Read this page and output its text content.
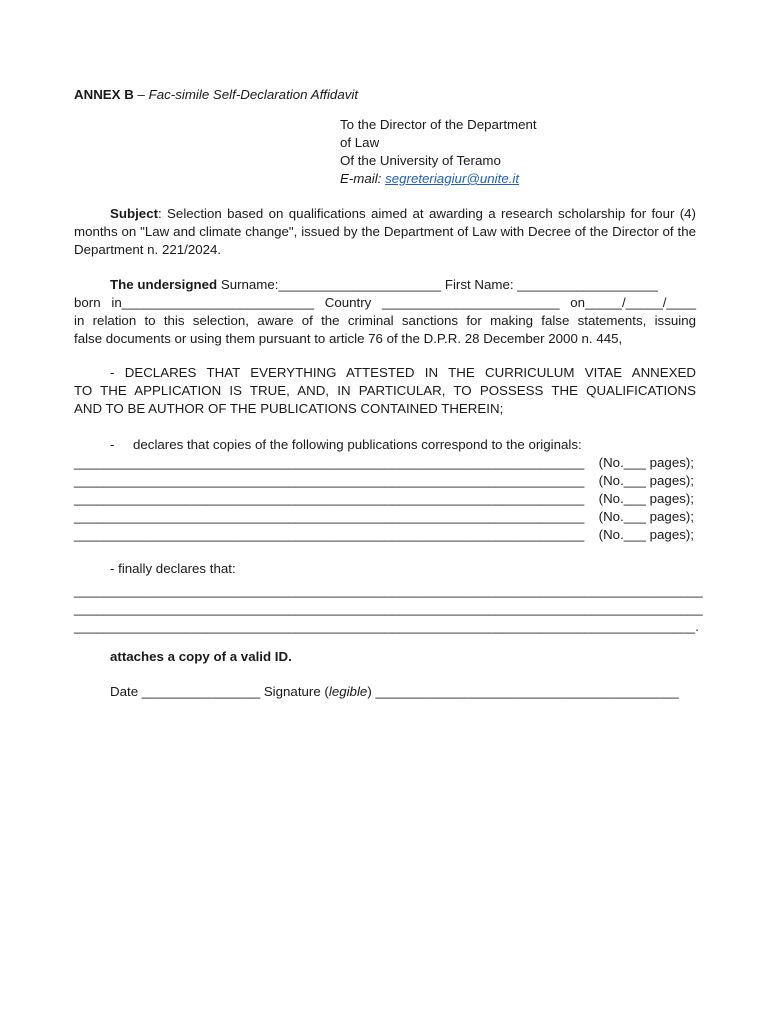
ANNEX B – Fac-simile Self-Declaration Affidavit
To the Director of the Department
of Law
Of the University of Teramo
E-mail: segreteriagiur@unite.it
Subject: Selection based on qualifications aimed at awarding a research scholarship for four (4) months on "Law and climate change", issued by the Department of Law with Decree of the Director of the Department n. 221/2024.
The undersigned Surname:______________________ First Name: ___________________
born in__________________________ Country ________________________ on_____/_____/____
in relation to this selection, aware of the criminal sanctions for making false statements, issuing
false documents or using them pursuant to article 76 of the D.P.R. 28 December 2000 n. 445,
- DECLARES THAT EVERYTHING ATTESTED IN THE CURRICULUM VITAE ANNEXED
TO THE APPLICATION IS TRUE, AND, IN PARTICULAR, TO POSSESS THE QUALIFICATIONS
AND TO BE AUTHOR OF THE PUBLICATIONS CONTAINED THEREIN;
- declares that copies of the following publications correspond to the originals:
_____________________________________________________________________ (No.___ pages);
_____________________________________________________________________ (No.___ pages);
_____________________________________________________________________ (No.___ pages);
_____________________________________________________________________ (No.___ pages);
_____________________________________________________________________ (No.___ pages);
- finally declares that:
_____________________________________________________________________________________
_____________________________________________________________________________________
____________________________________________________________________________________.
attaches a copy of a valid ID.
Date ________________ Signature (legible) _________________________________________
